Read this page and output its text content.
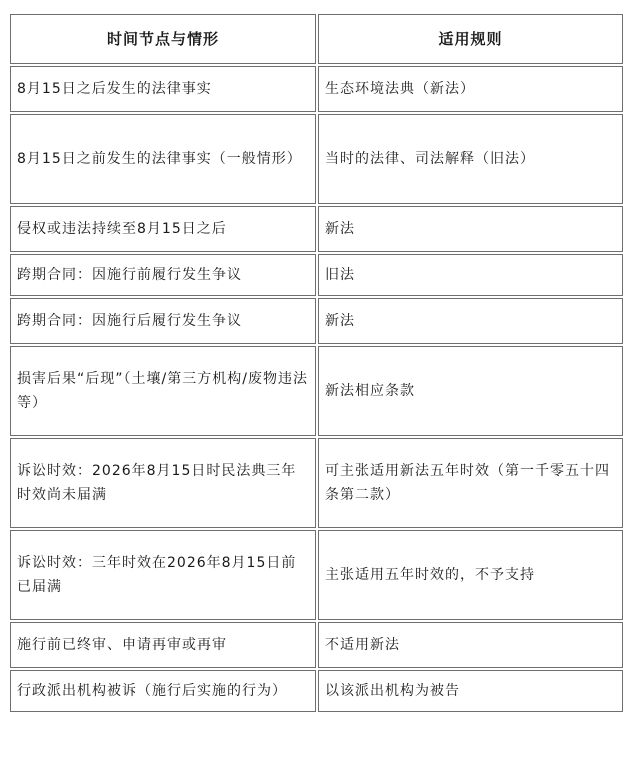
时间节点与情形	适用规则
8月15日之后发生的法律事实	生态环境法典（新法）
8月15日之前发生的法律事实（一般情形）	当时的法律、司法解释（旧法）
侵权或违法持续至8月15日之后	新法
跨期合同：因施行前履行发生争议	旧法
跨期合同：因施行后履行发生争议	新法
损害后果“后现”（土壤/第三方机构/废物违法等）	新法相应条款
诉讼时效：2026年8月15日时民法典三年时效尚未届满	可主张适用新法五年时效（第一千零五十四条第二款）
诉讼时效：三年时效在2026年8月15日前已届满	主张适用五年时效的，不予支持
施行前已终审、申请再审或再审	不适用新法
行政派出机构被诉（施行后实施的行为）	以该派出机构为被告
